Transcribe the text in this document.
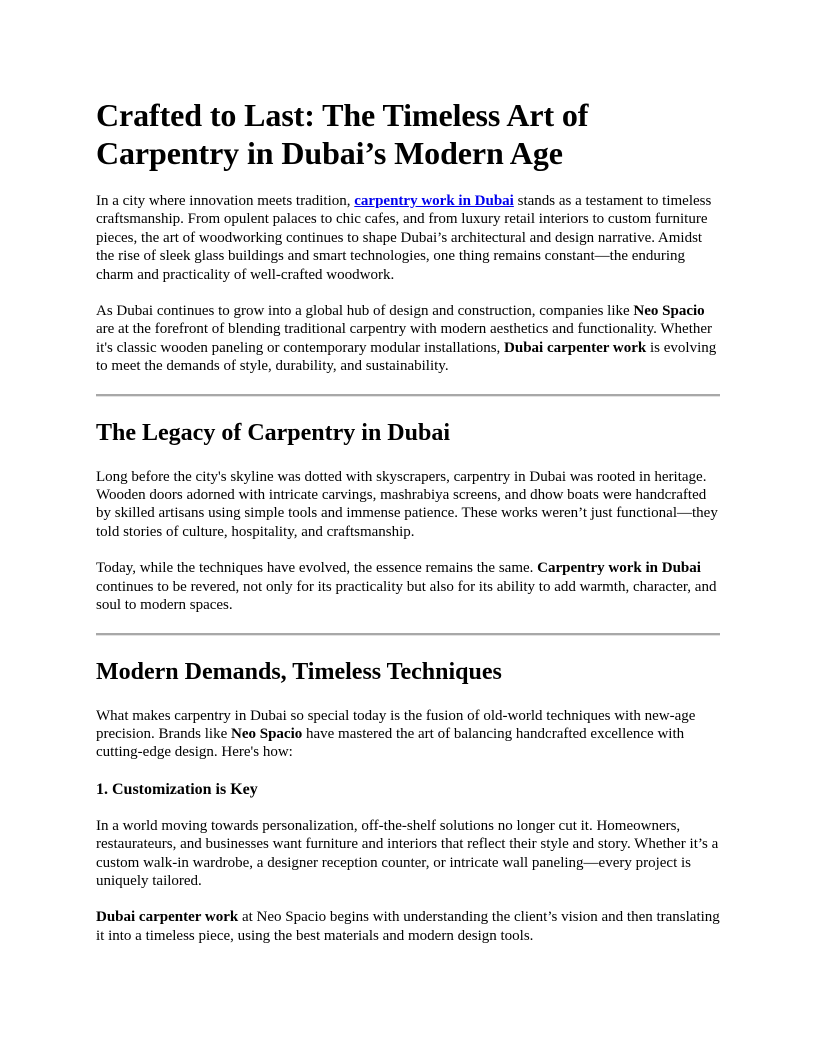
Crafted to Last: The Timeless Art of Carpentry in Dubai’s Modern Age

In a city where innovation meets tradition, carpentry work in Dubai stands as a testament to timeless craftsmanship. From opulent palaces to chic cafes, and from luxury retail interiors to custom furniture pieces, the art of woodworking continues to shape Dubai’s architectural and design narrative. Amidst the rise of sleek glass buildings and smart technologies, one thing remains constant—the enduring charm and practicality of well-crafted woodwork.

As Dubai continues to grow into a global hub of design and construction, companies like Neo Spacio are at the forefront of blending traditional carpentry with modern aesthetics and functionality. Whether it's classic wooden paneling or contemporary modular installations, Dubai carpenter work is evolving to meet the demands of style, durability, and sustainability.

The Legacy of Carpentry in Dubai

Long before the city's skyline was dotted with skyscrapers, carpentry in Dubai was rooted in heritage. Wooden doors adorned with intricate carvings, mashrabiya screens, and dhow boats were handcrafted by skilled artisans using simple tools and immense patience. These works weren’t just functional—they told stories of culture, hospitality, and craftsmanship.

Today, while the techniques have evolved, the essence remains the same. Carpentry work in Dubai continues to be revered, not only for its practicality but also for its ability to add warmth, character, and soul to modern spaces.

Modern Demands, Timeless Techniques

What makes carpentry in Dubai so special today is the fusion of old-world techniques with new-age precision. Brands like Neo Spacio have mastered the art of balancing handcrafted excellence with cutting-edge design. Here's how:

1. Customization is Key

In a world moving towards personalization, off-the-shelf solutions no longer cut it. Homeowners, restaurateurs, and businesses want furniture and interiors that reflect their style and story. Whether it’s a custom walk-in wardrobe, a designer reception counter, or intricate wall paneling—every project is uniquely tailored.

Dubai carpenter work at Neo Spacio begins with understanding the client’s vision and then translating it into a timeless piece, using the best materials and modern design tools.
